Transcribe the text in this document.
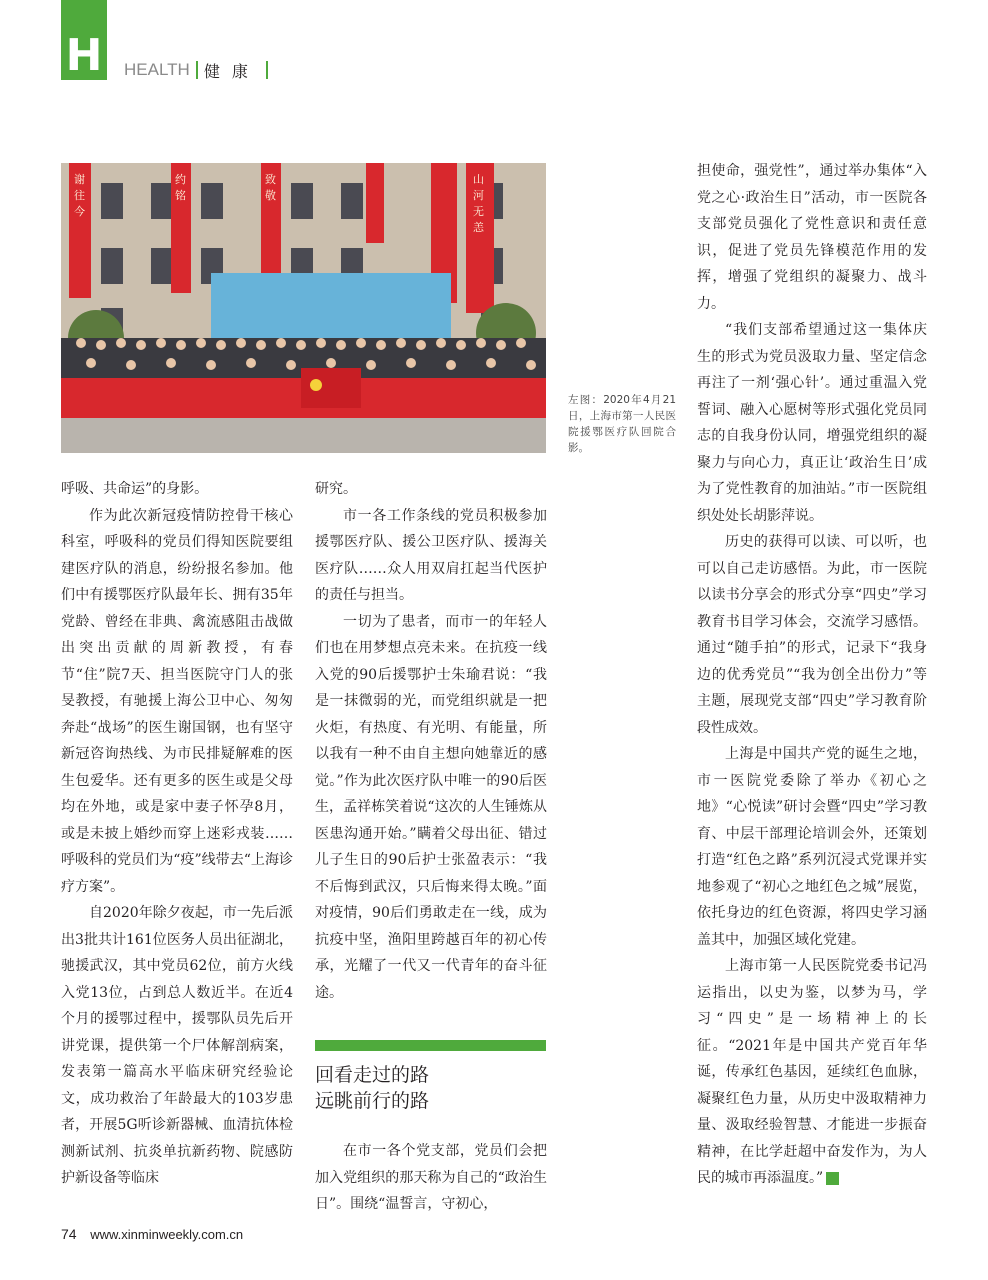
H HEALTH 健康
谢
往
今
约
铭
致
敬
山
河
无
恙
左图：2020年4月21日，上海市第一人民医院援鄂医疗队回院合影。

呼吸、共命运”的身影。

作为此次新冠疫情防控骨干核心科室，呼吸科的党员们得知医院要组建医疗队的消息，纷纷报名参加。他们中有援鄂医疗队最年长、拥有35年党龄、曾经在非典、禽流感阻击战做出突出贡献的周新教授，有春节“住”院7天、担当医院守门人的张旻教授，有驰援上海公卫中心、匆匆奔赴“战场”的医生谢国钢，也有坚守新冠咨询热线、为市民排疑解难的医生包爱华。还有更多的医生或是父母均在外地，或是家中妻子怀孕8月，或是未披上婚纱而穿上迷彩戎装……呼吸科的党员们为“疫”线带去“上海诊疗方案”。

自2020年除夕夜起，市一先后派出3批共计161位医务人员出征湖北，驰援武汉，其中党员62位，前方火线入党13位，占到总人数近半。在近4个月的援鄂过程中，援鄂队员先后开讲党课，提供第一个尸体解剖病案，发表第一篇高水平临床研究经验论文，成功救治了年龄最大的103岁患者，开展5G听诊新器械、血清抗体检测新试剂、抗炎单抗新药物、院感防护新设备等临床

研究。

市一各工作条线的党员积极参加援鄂医疗队、援公卫医疗队、援海关医疗队……众人用双肩扛起当代医护的责任与担当。

一切为了患者，而市一的年轻人们也在用梦想点亮未来。在抗疫一线入党的90后援鄂护士朱瑜君说：“我是一抹微弱的光，而党组织就是一把火炬，有热度、有光明、有能量，所以我有一种不由自主想向她靠近的感觉。”作为此次医疗队中唯一的90后医生，孟祥栋笑着说“这次的人生锤炼从医患沟通开始。”瞒着父母出征、错过儿子生日的90后护士张盈表示：“我不后悔到武汉，只后悔来得太晚。”面对疫情，90后们勇敢走在一线，成为抗疫中坚，渔阳里跨越百年的初心传承，光耀了一代又一代青年的奋斗征途。

回看走过的路
远眺前行的路

在市一各个党支部，党员们会把加入党组织的那天称为自己的“政治生日”。围绕“温誓言，守初心，

担使命，强党性”，通过举办集体“入党之心·政治生日”活动，市一医院各支部党员强化了党性意识和责任意识，促进了党员先锋模范作用的发挥，增强了党组织的凝聚力、战斗力。

“我们支部希望通过这一集体庆生的形式为党员汲取力量、坚定信念再注了一剂‘强心针’。通过重温入党誓词、融入心愿树等形式强化党员同志的自我身份认同，增强党组织的凝聚力与向心力，真正让‘政治生日’成为了党性教育的加油站。”市一医院组织处处长胡影萍说。

历史的获得可以读、可以听，也可以自己走访感悟。为此，市一医院以读书分享会的形式分享“四史”学习教育书目学习体会，交流学习感悟。通过“随手拍”的形式，记录下“我身边的优秀党员”“我为创全出份力”等主题，展现党支部“四史”学习教育阶段性成效。

上海是中国共产党的诞生之地，市一医院党委除了举办《初心之地》“心悦读”研讨会暨“四史”学习教育、中层干部理论培训会外，还策划打造“红色之路”系列沉浸式党课并实地参观了“初心之地红色之城”展览，依托身边的红色资源，将四史学习涵盖其中，加强区域化党建。

上海市第一人民医院党委书记冯运指出，以史为鉴，以梦为马，学习“四史”是一场精神上的长征。“2021年是中国共产党百年华诞，传承红色基因，延续红色血脉，凝聚红色力量，从历史中汲取精神力量、汲取经验智慧、才能进一步振奋精神，在比学赶超中奋发作为，为人民的城市再添温度。”	民

74 www.xinminweekly.com.cn
